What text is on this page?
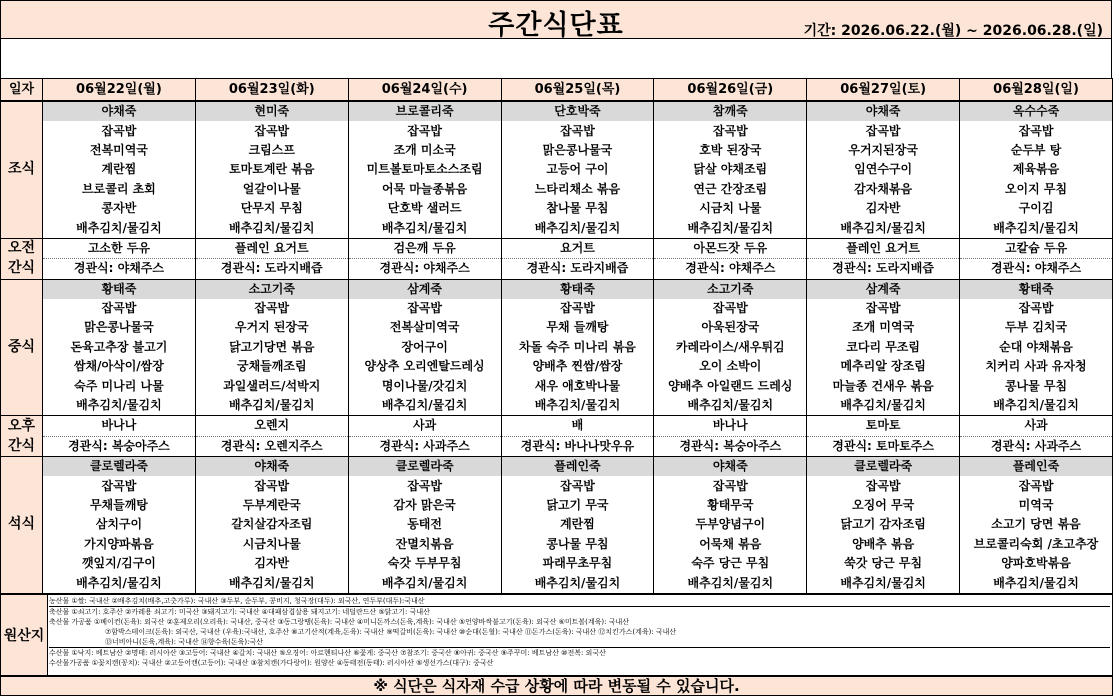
주간식단표	기간: 2026.06.22.(월) ~ 2026.06.28.(일)
일자	06월22일(월)	06월23일(화)	06월24일(수)	06월25일(목)	06월26일(금)	06월27일(토)	06월28일(일)
조식	야채죽	현미죽	브로콜리죽	단호박죽	참깨죽	야채죽	옥수수죽
	잡곡밥	잡곡밥	잡곡밥	잡곡밥	잡곡밥	잡곡밥	잡곡밥
	전복미역국	크림스프	조개 미소국	맑은콩나물국	호박 된장국	우거지된장국	순두부 탕
	계란찜	토마토계란 볶음	미트볼토마토소스조림	고등어 구이	닭살 야채조림	임연수구이	제육볶음
	브로콜리 초회	얼갈이나물	어묵 마늘종볶음	느타리채소 볶음	연근 간장조림	감자채볶음	오이지 무침
	콩자반	단무지 무침	단호박 샐러드	참나물 무침	시금치 나물	김자반	구이김
	배추김치/물김치	배추김치/물김치	배추김치/물김치	배추김치/물김치	배추김치/물김치	배추김치/물김치	배추김치/물김치
오전	고소한 두유	플레인 요거트	검은깨 두유	요거트	아몬드잣 두유	플레인 요거트	고칼슘 두유
간식	경관식: 야채주스	경관식: 도라지배즙	경관식: 야채주스	경관식: 도라지배즙	경관식: 야채주스	경관식: 도라지배즙	경관식: 야채주스
중식	황태죽	소고기죽	삼계죽	황태죽	소고기죽	삼계죽	황태죽
	잡곡밥	잡곡밥	잡곡밥	잡곡밥	잡곡밥	잡곡밥	잡곡밥
	맑은콩나물국	우거지 된장국	전복살미역국	무채 들깨탕	아욱된장국	조개 미역국	두부 김치국
	돈육고추장 불고기	닭고기당면 볶음	장어구이	차돌 숙주 미나리 볶음	카레라이스/새우튀김	코다리 무조림	순대 야채볶음
	쌈채/아삭이/쌈장	궁채들깨조림	양상추 오리엔탈드레싱	양배추 찐쌈/쌈장	오이 소박이	메추리알 장조림	치커리 사과 유자청
	숙주 미나리 나물	과일샐러드/석박지	명이나물/갓김치	새우 애호박나물	양배추 아일랜드 드레싱	마늘종 건새우 볶음	콩나물 무침
	배추김치/물김치	배추김치/물김치	배추김치/물김치	배추김치/물김치	배추김치/물김치	배추김치/물김치	배추김치/물김치
오후	바나나	오렌지	사과	배	바나나	토마토	사과
간식	경관식: 복숭아주스	경관식: 오렌지주스	경관식: 사과주스	경관식: 바나나맛우유	경관식: 복숭아주스	경관식: 토마토주스	경관식: 사과주스
석식	클로렐라죽	야채죽	클로렐라죽	플레인죽	야채죽	클로렐라죽	플레인죽
	잡곡밥	잡곡밥	잡곡밥	잡곡밥	잡곡밥	잡곡밥	잡곡밥
	무채들깨탕	두부계란국	감자 맑은국	닭고기 무국	황태무국	오징어 무국	미역국
	삼치구이	갈치살감자조림	동태전	계란찜	두부양념구이	닭고기 감자조림	소고기 당면 볶음
	가지양파볶음	시금치나물	잔멸치볶음	콩나물 무침	어묵채 볶음	양배추 볶음	브로콜리숙회 /초고추장
	깻잎지/김구이	김자반	숙갓 두부무침	파래무초무침	숙주 당근 무침	쑥갓 당근 무침	양파호박볶음
	배추김치/물김치	배추김치/물김치	배추김치/물김치	배추김치/물김치	배추김치/물김치	배추김치/물김치	배추김치/물김치
원산지
농산물 ①쌀: 국내산 ②배추김치(배추,고춧가루): 국내산 ③두부, 순두부, 콩비지, 청국장(대두): 외국산, 연두부(대두):국내산
축산물 ①쇠고기: 호주산 ②카레용 쇠고기: 미국산 ③돼지고기: 국내산 ④대패삼겹살용 돼지고기: 네덜란드산 ⑤닭고기: 국내산
축산물 가공품 ①베이컨(돈육): 외국산 ②훈제오리(오리육): 국내산, 중국산 ③동그랑땡(돈육): 국내산 ④미니돈까스(돈육,계육): 국내산 ⑤언양바싹불고기(돈육): 외국산 ⑥미트볼(계육): 국내산
⑦함박스테이크(돈육): 외국산, 국내산 (우육):국내산, 호주산 ⑧고기산적(계육,돈육): 국내산 ⑨떡갈비(돈육): 국내산 ⑩순대(돈혈): 국내산 ⑪돈가스(돈육): 국내산 ⑫치킨가스(계육): 국내산
⑬너비아니(돈육,계육): 국내산 ⑭향수육(돈육):국산
수산물 ①낙지: 베트남산 ②명태: 러시아산 ③고등어: 국내산 ④갈치: 국내산 ⑤오징어: 아르헨티나산 ⑥꽃게: 중국산 ⑦참조기: 중국산 ⑧아귀: 중국산 ⑨주꾸미: 베트남산 ⑩전복: 외국산
수산물가공품 ①꽃치캔(꽁치): 국내산 ②고등어캔(고등어): 국내산 ③참치캔(가다랑어): 원양산 ④동태전(동태): 러시아산 ⑤생선가스(대구): 중국산
※ 식단은 식자재 수급 상황에 따라 변동될 수 있습니다.
